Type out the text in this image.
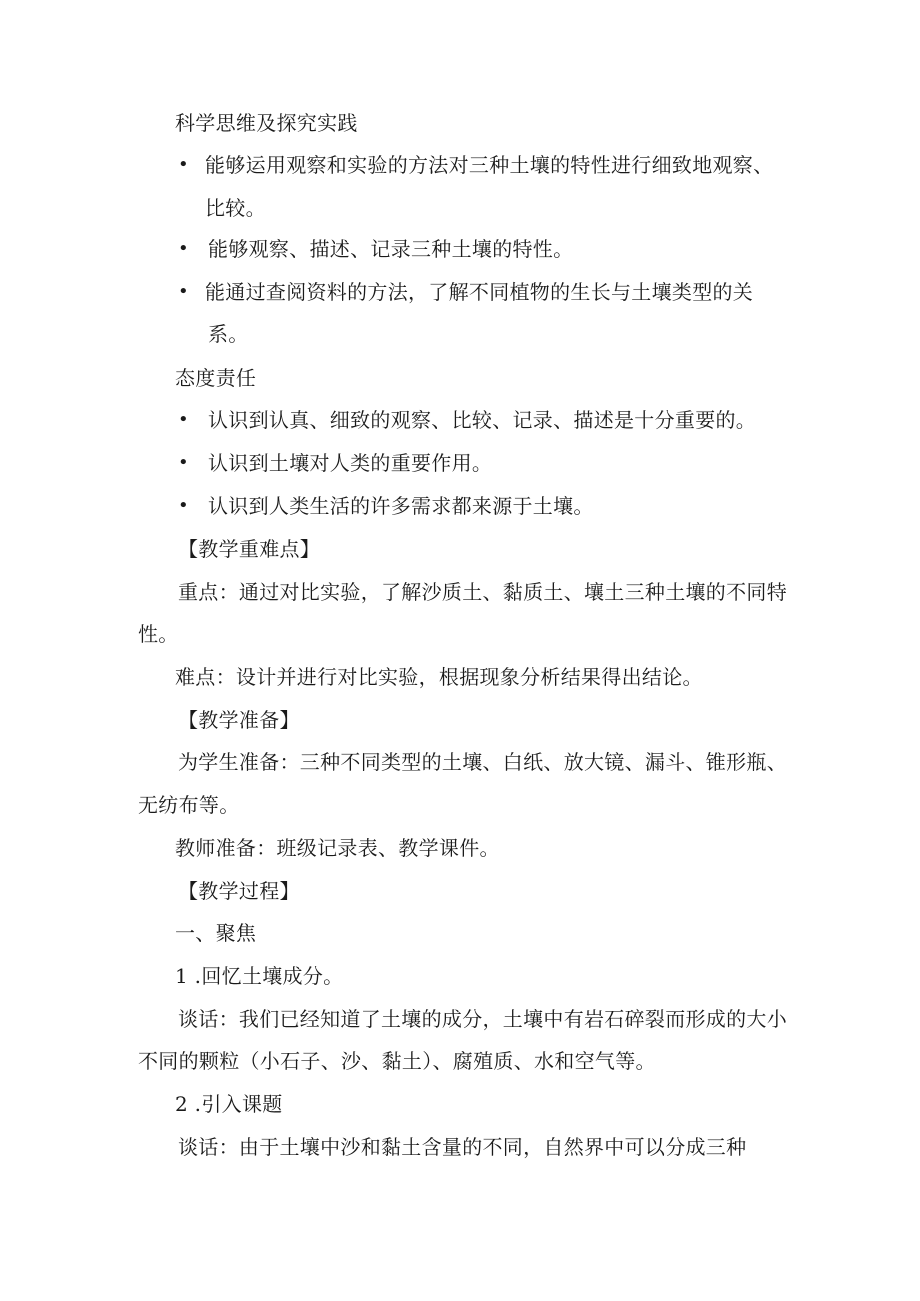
科学思维及探究实践
• 能够运用观察和实验的方法对三种土壤的特性进行细致地观察、
比较。
• 能够观察、描述、记录三种土壤的特性。
• 能通过查阅资料的方法，了解不同植物的生长与土壤类型的关
系。
态度责任
• 认识到认真、细致的观察、比较、记录、描述是十分重要的。
• 认识到土壤对人类的重要作用。
• 认识到人类生活的许多需求都来源于土壤。
【教学重难点】
重点：通过对比实验，了解沙质土、黏质土、壤土三种土壤的不同特
性。
难点：设计并进行对比实验，根据现象分析结果得出结论。
【教学准备】
为学生准备：三种不同类型的土壤、白纸、放大镜、漏斗、锥形瓶、
无纺布等。
教师准备：班级记录表、教学课件。
【教学过程】
一、聚焦
1 .回忆土壤成分。
谈话：我们已经知道了土壤的成分，土壤中有岩石碎裂而形成的大小
不同的颗粒（小石子、沙、黏土）、腐殖质、水和空气等。
2 .引入课题
谈话：由于土壤中沙和黏土含量的不同，自然界中可以分成三种
